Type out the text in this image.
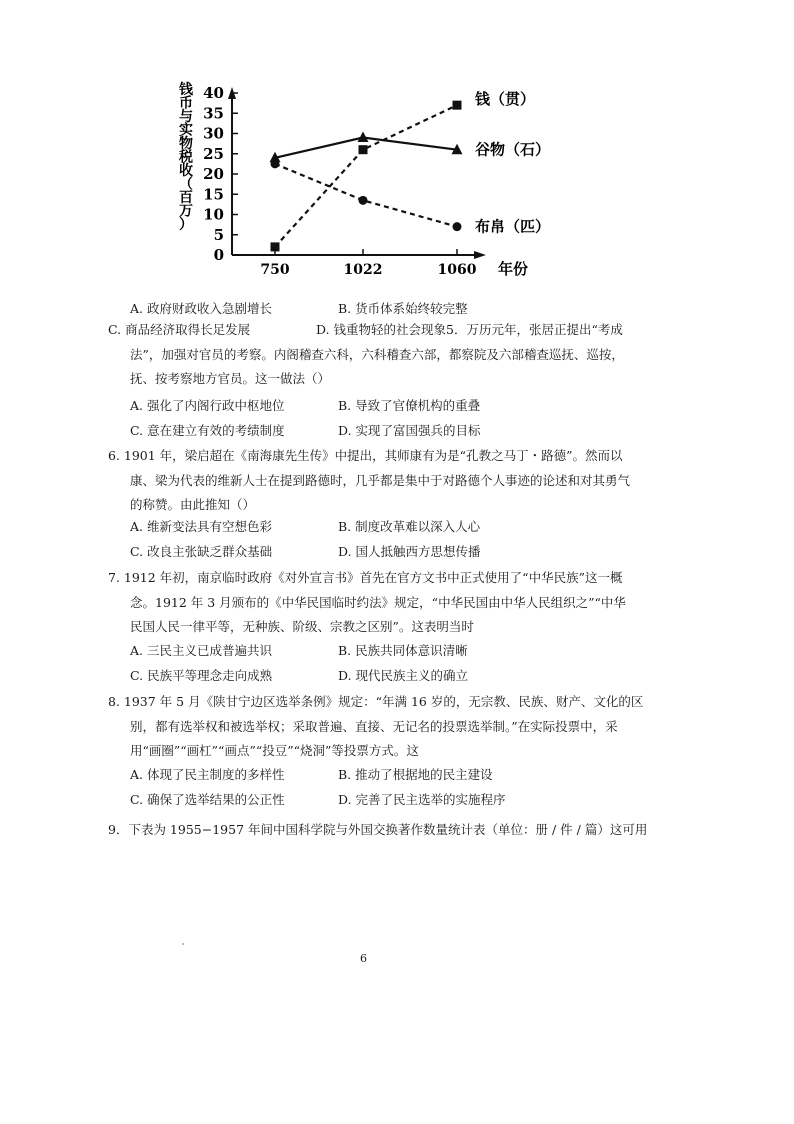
钱
币
与
实
物
税
收
（
百
万
）
0
5
10
15
20
25
30
35
40
750	1022	1060
钱（贯）
谷物（石）
布帛（匹）
年份
A. 政府财政收入急剧增长	B. 货币体系始终较完整
C. 商品经济取得长足发展	D. 钱重物轻的社会现象5．万历元年，张居正提出“考成
法”，加强对官员的考察。内阁稽查六科，六科稽查六部，都察院及六部稽查巡抚、巡按，
抚、按考察地方官员。这一做法（）
A. 强化了内阁行政中枢地位	B. 导致了官僚机构的重叠
C. 意在建立有效的考绩制度	D. 实现了富国强兵的目标
6. 1901 年，梁启超在《南海康先生传》中提出，其师康有为是“孔教之马丁・路德”。然而以
康、梁为代表的维新人士在提到路德时，几乎都是集中于对路德个人事迹的论述和对其勇气
的称赞。由此推知（）
A. 维新变法具有空想色彩	B. 制度改革难以深入人心
C. 改良主张缺乏群众基础	D. 国人抵触西方思想传播
7. 1912 年初，南京临时政府《对外宣言书》首先在官方文书中正式使用了“中华民族”这一概
念。1912 年 3 月颁布的《中华民国临时约法》规定，“中华民国由中华人民组织之”“中华
民国人民一律平等，无种族、阶级、宗教之区别”。这表明当时
A. 三民主义已成普遍共识	B. 民族共同体意识清晰
C. 民族平等理念走向成熟	D. 现代民族主义的确立
8. 1937 年 5 月《陕甘宁边区选举条例》规定：“年满 16 岁的，无宗教、民族、财产、文化的区
别，都有选举权和被选举权；采取普遍、直接、无记名的投票选举制。”在实际投票中，采
用“画圈”“画杠”“画点”“投豆”“烧洞”等投票方式。这
A. 体现了民主制度的多样性	B. 推动了根据地的民主建设
C. 确保了选举结果的公正性	D. 完善了民主选举的实施程序
9．下表为 1955−1957 年间中国科学院与外国交换著作数量统计表（单位：册 / 件 / 篇）这可用
6
